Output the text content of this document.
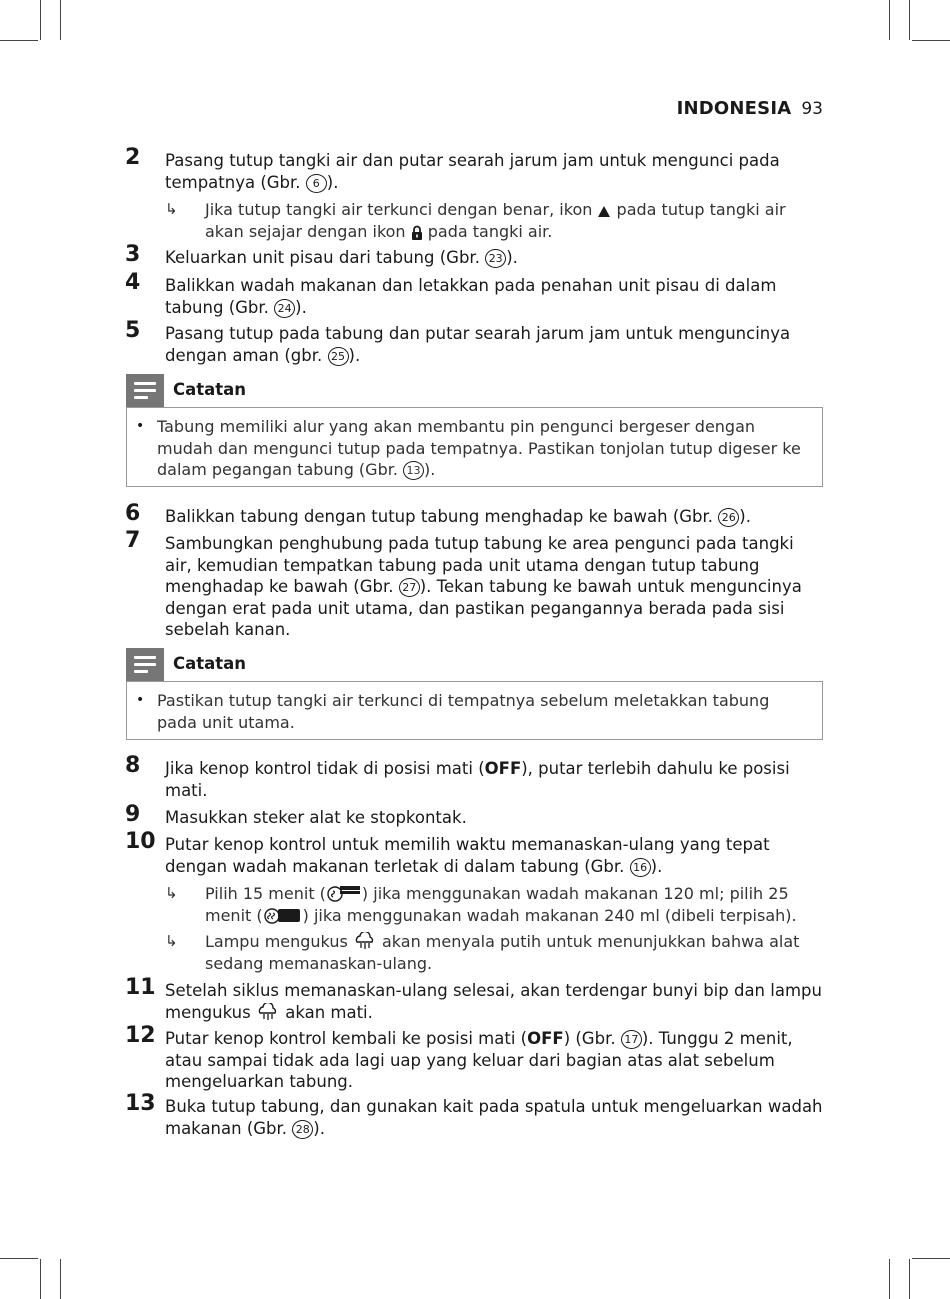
INDONESIA 93
2 Pasang tutup tangki air dan putar searah jarum jam untuk mengunci pada tempatnya (Gbr. 6 ).
↳ Jika tutup tangki air terkunci dengan benar, ikon  pada tutup tangki air akan sejajar dengan ikon  pada tangki air.
3 Keluarkan unit pisau dari tabung (Gbr. 23 ).
4 Balikkan wadah makanan dan letakkan pada penahan unit pisau di dalam tabung (Gbr. 24 ).
5 Pasang tutup pada tabung dan putar searah jarum jam untuk menguncinya dengan aman (gbr. 25 ).
Catatan
• Tabung memiliki alur yang akan membantu pin pengunci bergeser dengan mudah dan mengunci tutup pada tempatnya. Pastikan tonjolan tutup digeser ke dalam pegangan tabung (Gbr. 13 ).
6 Balikkan tabung dengan tutup tabung menghadap ke bawah (Gbr. 26 ).
7 Sambungkan penghubung pada tutup tabung ke area pengunci pada tangki air, kemudian tempatkan tabung pada unit utama dengan tutup tabung menghadap ke bawah (Gbr. 27 ). Tekan tabung ke bawah untuk menguncinya dengan erat pada unit utama, dan pastikan pegangannya berada pada sisi sebelah kanan.
Catatan
• Pastikan tutup tangki air terkunci di tempatnya sebelum meletakkan tabung pada unit utama.
8 Jika kenop kontrol tidak di posisi mati (OFF), putar terlebih dahulu ke posisi mati.
9 Masukkan steker alat ke stopkontak.
10 Putar kenop kontrol untuk memilih waktu memanaskan-ulang yang tepat dengan wadah makanan terletak di dalam tabung (Gbr. 16 ).
↳ Pilih 15 menit ( ) jika menggunakan wadah makanan 120 ml; pilih 25 menit (	) jika menggunakan wadah makanan 240 ml (dibeli terpisah).
↳ Lampu mengukus  akan menyala putih untuk menunjukkan bahwa alat sedang memanaskan-ulang.
11 Setelah siklus memanaskan-ulang selesai, akan terdengar bunyi bip dan lampu mengukus  akan mati.
12 Putar kenop kontrol kembali ke posisi mati (OFF) (Gbr. 17 ). Tunggu 2 menit, atau sampai tidak ada lagi uap yang keluar dari bagian atas alat sebelum mengeluarkan tabung.
13 Buka tutup tabung, dan gunakan kait pada spatula untuk mengeluarkan wadah makanan (Gbr. 28 ).
